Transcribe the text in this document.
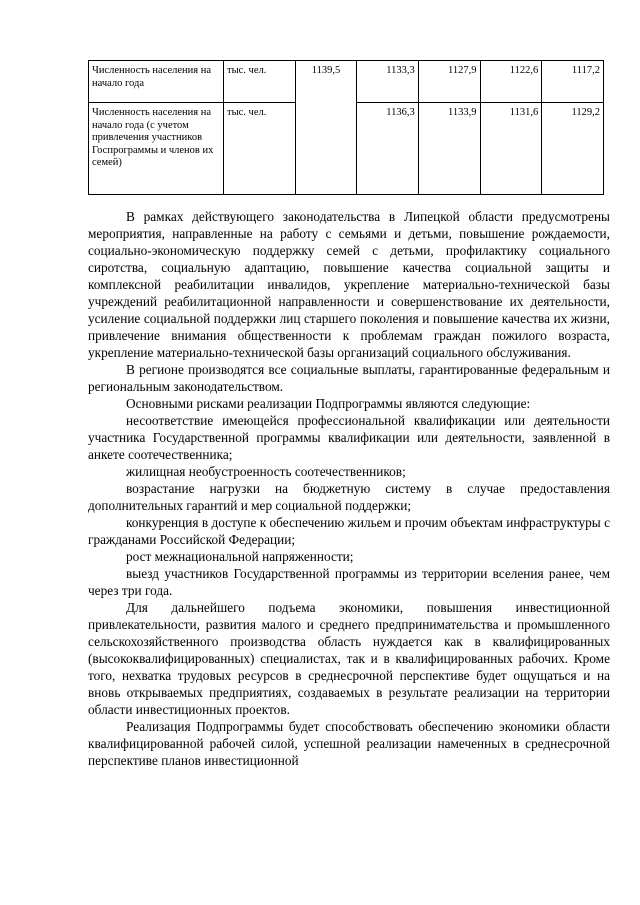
Численность населения на начало года	тыс. чел.	1139,5	1133,3	1127,9	1122,6	1117,2
Численность населения на начало года (с учетом привлечения участников Госпрограммы и членов их семей)	тыс. чел.		1136,3	1133,9	1131,6	1129,2

В рамках действующего законодательства в Липецкой области предусмотрены мероприятия, направленные на работу с семьями и детьми, повышение рождаемости, социально-экономическую поддержку семей с детьми, профилактику социального сиротства, социальную адаптацию, повышение качества социальной защиты и комплексной реабилитации инвалидов, укрепление материально-технической базы учреждений реабилитационной направленности и совершенствование их деятельности, усиление социальной поддержки лиц старшего поколения и повышение качества их жизни, привлечение внимания общественности к проблемам граждан пожилого возраста, укрепление материально-технической базы организаций социального обслуживания.

В регионе производятся все социальные выплаты, гарантированные федеральным и региональным законодательством.

Основными рисками реализации Подпрограммы являются следующие:

несоответствие имеющейся профессиональной квалификации или деятельности участника Государственной программы квалификации или деятельности, заявленной в анкете соотечественника;

жилищная необустроенность соотечественников;

возрастание нагрузки на бюджетную систему в случае предоставления дополнительных гарантий и мер социальной поддержки;

конкуренция в доступе к обеспечению жильем и прочим объектам инфраструктуры с гражданами Российской Федерации;

рост межнациональной напряженности;

выезд участников Государственной программы из территории вселения ранее, чем через три года.

Для дальнейшего подъема экономики, повышения инвестиционной привлекательности, развития малого и среднего предпринимательства и промышленного сельскохозяйственного производства область нуждается как в квалифицированных (высококвалифицированных) специалистах, так и в квалифицированных рабочих. Кроме того, нехватка трудовых ресурсов в среднесрочной перспективе будет ощущаться и на вновь открываемых предприятиях, создаваемых в результате реализации на территории области инвестиционных проектов.

Реализация Подпрограммы будет способствовать обеспечению экономики области квалифицированной рабочей силой, успешной реализации намеченных в среднесрочной перспективе планов инвестиционной
